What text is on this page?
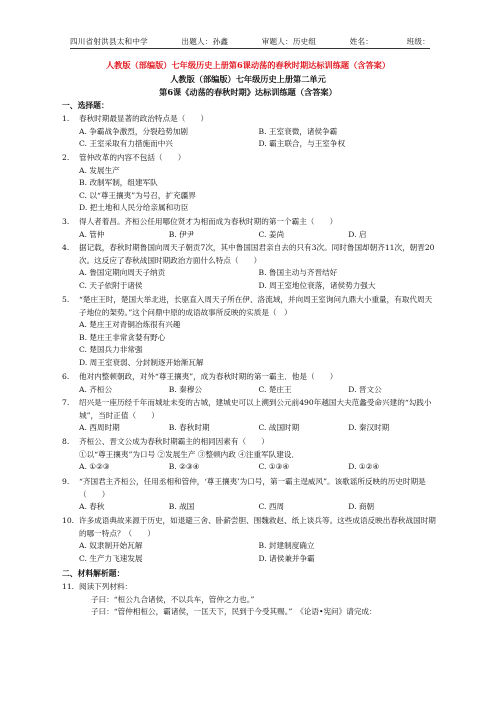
四川省射洪县太和中学	出题人：孙鑫	审题人：历史组	姓名：	班级：
人教版（部编版）七年级历史上册第6课动荡的春秋时期达标训练题（含答案）
人教版（部编版）七年级历史上册第二单元
第6课《动荡的春秋时期》达标训练题（含答案）
一、选择题：
1.	春秋时期最显著的政治特点是（　　）
A. 争霸战争激烈，分裂趋势加剧	B. 王室衰微，诸侯争霸
C. 王室采取有力措施而中兴	D. 霸主联合，与王室争权
2.	管仲改革的内容不包括（　　）
A. 发展生产
B. 改制军制，组建军队
C. 以“尊王攘夷”为号召，扩充疆界
D. 把土地和人民分给亲属和功臣
3.	得人者着昌。齐桓公任用哪位贤才为相而成为春秋时期的第一个霸主（　　）
A. 管仲	B. 伊尹	C. 姜尚	D. 启
4.	据记载，春秋时期鲁国向周天子朝贡7次，其中鲁国国君亲自去的只有3次。同时鲁国却朝齐11次，朝晋20次。这反应了春秋战国时期政治方面什么特点（　　）
A. 鲁国定期向周天子纳贡	B. 鲁国主动与齐晋结好
C. 天子依附于诸侯	D. 周王室地位衰落，诸侯势力强大
5.	“楚庄王时，楚国大举北进，长驱直入周天子所在伊、洛流域，并向周王室询问九鼎大小重量，有取代周天子地位的架势。”这个问鼎中原的成语故事所反映的实质是（　）
A. 楚庄王对青铜冶炼很有兴趣
B. 楚庄王非常贪婪有野心
C. 楚国兵力非常强
D. 周王室衰弱、分封制逐开始渐瓦解
6.	他对内整顿朝政，对外“尊王攘夷”，成为春秋时期的第一霸主．他是（　　）
A. 齐桓公	B. 秦穆公	C. 楚庄王	D. 晋文公
7.	绍兴是一座历经千年而城址未变的古城，建城史可以上溯到公元前490年越国大夫范蠡受命兴建的“勾践小城”，当时正值（　　）
A. 西周时期	B. 春秋时期	C. 战国时期	D. 秦汉时期
8.	齐桓公、晋文公成为春秋时期霸主的相同因素有（　　）
①以“尊王攘夷”为口号 ②发展生产 ③整顿内政 ④注重军队建设．
A. ①②③	B. ②③④	C. ①③④	D. ①②④
9.	“齐国君主齐桓公，任用丞相和管仲，‘尊王攘夷’为口号，第一霸主逞威风”。该歌谣所反映的历史时期是（　　）
A. 春秋	B. 战国	C. 西周	D. 商朝
10. 许多成语典故来源于历史，如退避三舍、卧薪尝胆、围魏救赵、纸上谈兵等。这些成语反映出春秋战国时期的哪一特点？（　　）
A. 奴隶制开始瓦解	B. 封建制度确立
C. 生产力飞速发展	D. 诸侯兼并争霸
二、材料解析题：
11. 阅读下列材料：
子曰：“桓公九合诸侯，不以兵车，管仲之力也。”
子曰：“管仲相桓公，霸诸侯，一匡天下，民到于今受其赐。”　《论语•宪问》请完成：
